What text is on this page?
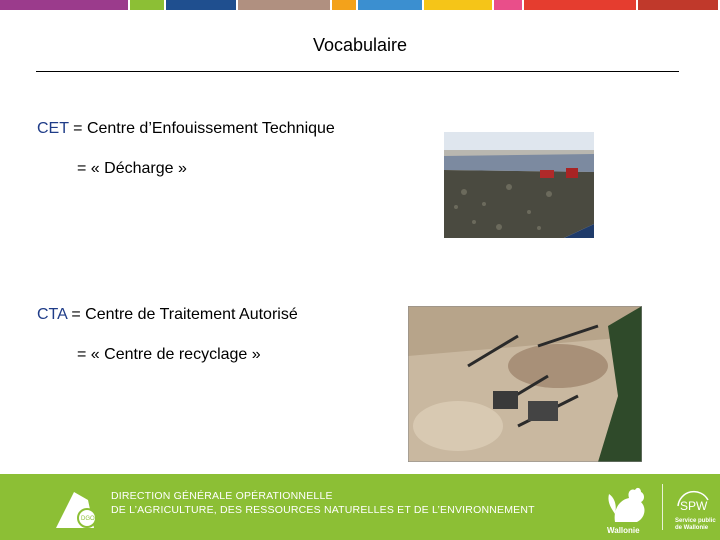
Vocabulaire
CET = Centre d’Enfouissement Technique
= « Décharge »
CTA = Centre de Traitement Autorisé
= « Centre de recyclage »
DGO 3
DIRECTION GÉNÉRALE OPÉRATIONNELLE
DE L’AGRICULTURE, DES RESSOURCES NATURELLES ET DE L’ENVIRONNEMENT
Wallonie
SPW
Service public
de Wallonie
